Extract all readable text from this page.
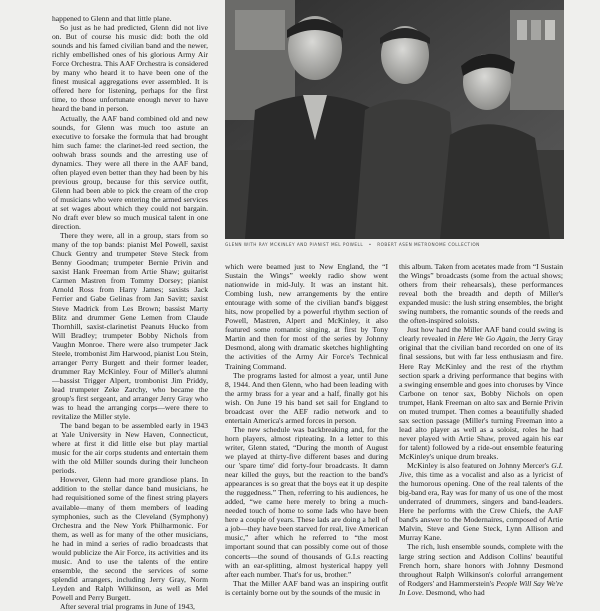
happened to Glenn and that little plane.

So just as he had predicted, Glenn did not live on. But of course his music did: both the old sounds and his famed civilian band and the newer, richly embellished ones of his glorious Army Air Force Orchestra. This AAF Orchestra is considered by many who heard it to have been one of the finest musical aggregations ever assembled. It is offered here for listening, perhaps for the first time, to those unfortunate enough never to have heard the band in person.

Actually, the AAF band combined old and new sounds, for Glenn was much too astute an executive to forsake the formula that had brought him such fame: the clarinet-led reed section, the oohwah brass sounds and the arresting use of dynamics. They were all there in the AAF band, often played even better than they had been by his previous group, because for this service outfit, Glenn had been able to pick the cream of the crop of musicians who were entering the armed services at set wages about which they could not bargain. No draft ever blew so much musical talent in one direction.

There they were, all in a group, stars from so many of the top bands: pianist Mel Powell, saxist Chuck Gentry and trumpeter Steve Steck from Benny Goodman; trumpeter Bernie Privin and saxist Hank Freeman from Artie Shaw; guitarist Carmen Mastren from Tommy Dorsey; pianist Arnold Ross from Harry James; saxists Jack Ferrier and Gabe Gelinas from Jan Savitt; saxist Steve Madrick from Les Brown; bassist Marty Blitz and drummer Gene Lemen from Claude Thornhill, saxist-clarinetist Peanuts Hucko from Will Bradley; trumpeter Bobby Nichols from Vaughn Monroe. There were also trumpeter Jack Steele, trombonist Jim Harwood, pianist Lou Stein, arranger Perry Burgett and their former leader, drummer Ray McKinley. Four of Miller's alumni—bassist Trigger Alpert, trombonist Jim Priddy, lead trumpeter Zeke Zarchy, who became the group's first sergeant, and arranger Jerry Gray who was to head the arranging corps—were there to revitalize the Miller style.

The band began to be assembled early in 1943 at Yale University in New Haven, Connecticut, where at first it did little else but play martial music for the air corps students and entertain them with the old Miller sounds during their luncheon periods.

However, Glenn had more grandiose plans. In addition to the stellar dance band musicians, he had requisitioned some of the finest string players available—many of them members of leading symphonies, such as the Cleveland (Symphony) Orchestra and the New York Philharmonic. For them, as well as for many of the other musicians, he had in mind a series of radio broadcasts that would publicize the Air Force, its activities and its music. And to use the talents of the entire ensemble, the second the services of some splendid arrangers, including Jerry Gray, Norm Leyden and Ralph Wilkinson, as well as Mel Powell and Perry Burgett.

After several trial programs in June of 1943,

GLENN WITH RAY MCKINLEY AND PIANIST MEL POWELL   •   ROBERT ASEN METRONOME COLLECTION

which were beamed just to New England, the “I Sustain the Wings” weekly radio show went nationwide in mid-July. It was an instant hit. Combing lush, new arrangements by the entire entourage with some of the civilian band's biggest hits, now propelled by a powerful rhythm section of Powell, Mastren, Alpert and McKinley, it also featured some romantic singing, at first by Tony Martin and then for most of the series by Johnny Desmond, along with dramatic sketches highlighting the activities of the Army Air Force's Technical Training Command.

The programs lasted for almost a year, until June 8, 1944. And then Glenn, who had been leading with the army brass for a year and a half, finally got his wish. On June 19 his band set sail for England to broadcast over the AEF radio network and to entertain America's armed forces in person.

The new schedule was backbreaking and, for the horn players, almost ripteating. In a letter to this writer, Glenn stated, “During the month of August we played at thirty-five different bases and during our 'spare time' did forty-four broadcasts. It damn near killed the guys, but the reaction to the band's appearances is so great that the boys eat it up despite the ruggedness.” Then, referring to his audiences, he added, “we came here merely to bring a much-needed touch of home to some lads who have been here a couple of years. These lads are doing a hell of a job—they have been starved for real, live American music,” after which he referred to “the most important sound that can possibly come out of those concerts—the sound of thousands of G.I.s reacting with an ear-splitting, almost hysterical happy yell after each number. That's for us, brother.”

That the Miller AAF band was an inspiring outfit is certainly borne out by the sounds of the music in

this album. Taken from acetates made from “I Sustain the Wings” broadcasts (some from the actual shows; others from their rehearsals), these performances reveal both the breadth and depth of Miller's expanded music: the lush string ensembles, the bright swing numbers, the romantic sounds of the reeds and the often-inspired soloists.

Just how hard the Miller AAF band could swing is clearly revealed in Here We Go Again, the Jerry Gray original that the civilian band recorded on one of its final sessions, but with far less enthusiasm and fire. Here Ray McKinley and the rest of the rhythm section spark a driving performance that begins with a swinging ensemble and goes into choruses by Vince Carbone on tenor sax, Bobby Nichols on open trumpet, Hank Freeman on alto sax and Bernie Privin on muted trumpet. Then comes a beautifully shaded sax section passage (Miller's turning Freeman into a lead alto player as well as a soloist, roles he had never played with Artie Shaw, proved again his ear for talent) followed by a ride-out ensemble featuring McKinley's unique drum breaks.

McKinley is also featured on Johnny Mercer's G.I. Jive, this time as a vocalist and also as a lyricist of the humorous opening. One of the real talents of the big-band era, Ray was for many of us one of the most underrated of drummers, singers and band-leaders. Here he performs with the Crew Chiefs, the AAF band's answer to the Modernaires, composed of Artie Malvin, Steve and Gene Steck, Lynn Allison and Murray Kane.

The rich, lush ensemble sounds, complete with the large string section and Addison Collins' beautiful French horn, share honors with Johnny Desmond throughout Ralph Wilkinson's colorful arrangement of Rodgers' and Hammerstein's People Will Say We're In Love. Desmond, who had
